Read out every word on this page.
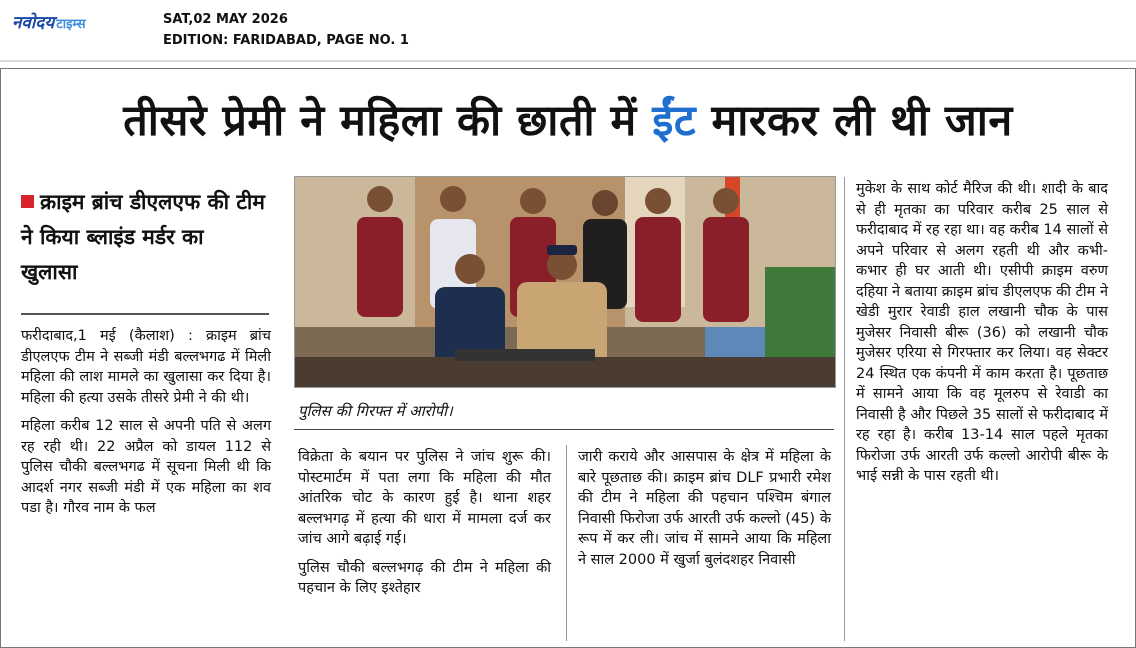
नवोदय टाइम्स	SAT,02 MAY 2026
EDITION: FARIDABAD, PAGE NO. 1
तीसरे प्रेमी ने महिला की छाती में ईंट मारकर ली थी जान
क्राइम ब्रांच डीएलएफ की टीम ने किया ब्लाइंड मर्डर का खुलासा

फरीदाबाद,1 मई (कैलाश) : क्राइम ब्रांच डीएलएफ टीम ने सब्जी मंडी बल्लभगढ में मिली महिला की लाश मामले का खुलासा कर दिया है। महिला की हत्या उसके तीसरे प्रेमी ने की थी।

महिला करीब 12 साल से अपनी पति से अलग रह रही थी। 22 अप्रैल को डायल 112 से पुलिस चौकी बल्लभगढ में सूचना मिली थी कि आदर्श नगर सब्जी मंडी में एक महिला का शव पडा है। गौरव नाम के फल

पुलिस की गिरफ्त में आरोपी।

विक्रेता के बयान पर पुलिस ने जांच शुरू की। पोस्टमार्टम में पता लगा कि महिला की मौत आंतरिक चोट के कारण हुई है। थाना शहर बल्लभगढ़ में हत्या की धारा में मामला दर्ज कर जांच आगे बढ़ाई गई।

पुलिस चौकी बल्लभगढ़ की टीम ने महिला की पहचान के लिए इश्तेहार

जारी कराये और आसपास के क्षेत्र में महिला के बारे पूछताछ की। क्राइम ब्रांच DLF प्रभारी रमेश की टीम ने महिला की पहचान पश्चिम बंगाल निवासी फिरोजा उर्फ आरती उर्फ कल्लो (45) के रूप में कर ली। जांच में सामने आया कि महिला ने साल 2000 में खुर्जा बुलंदशहर निवासी

मुकेश के साथ कोर्ट मैरिज की थी। शादी के बाद से ही मृतका का परिवार करीब 25 साल से फरीदाबाद में रह रहा था। वह करीब 14 सालों से अपने परिवार से अलग रहती थी और कभी-कभार ही घर आती थी। एसीपी क्राइम वरुण दहिया ने बताया क्राइम ब्रांच डीएलएफ की टीम ने खेडी मुरार रेवाडी हाल लखानी चौक के पास मुजेसर निवासी बीरू (36) को लखानी चौक मुजेसर एरिया से गिरफ्तार कर लिया। वह सेक्टर 24 स्थित एक कंपनी में काम करता है। पूछताछ में सामने आया कि वह मूलरुप से रेवाडी का निवासी है और पिछले 35 सालों से फरीदाबाद में रह रहा है। करीब 13-14 साल पहले मृतका फिरोजा उर्फ आरती उर्फ कल्लो आरोपी बीरू के भाई सन्नी के पास रहती थी।
